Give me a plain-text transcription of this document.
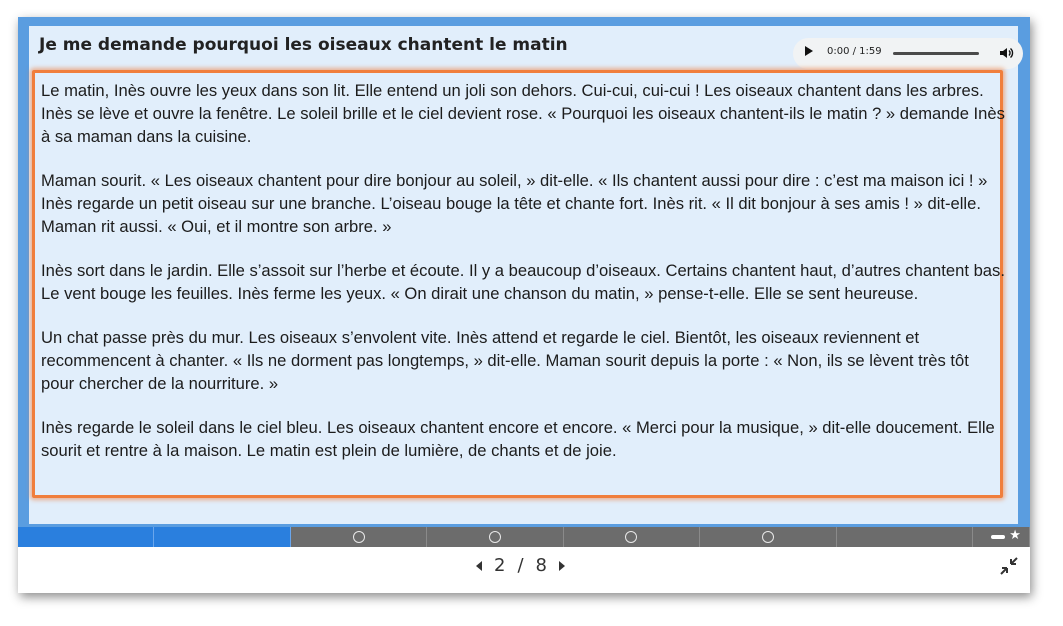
Je me demande pourquoi les oiseaux chantent le matin	0:00 / 1:59

Le matin, Inès ouvre les yeux dans son lit. Elle entend un joli son dehors. Cui-cui, cui-cui ! Les oiseaux chantent dans les arbres. Inès se lève et ouvre la fenêtre. Le soleil brille et le ciel devient rose. « Pourquoi les oiseaux chantent-ils le matin ? » demande Inès à sa maman dans la cuisine.

Maman sourit. « Les oiseaux chantent pour dire bonjour au soleil, » dit-elle. « Ils chantent aussi pour dire : c’est ma maison ici ! » Inès regarde un petit oiseau sur une branche. L’oiseau bouge la tête et chante fort. Inès rit. « Il dit bonjour à ses amis ! » dit-elle. Maman rit aussi. « Oui, et il montre son arbre. »

Inès sort dans le jardin. Elle s’assoit sur l’herbe et écoute. Il y a beaucoup d’oiseaux. Certains chantent haut, d’autres chantent bas. Le vent bouge les feuilles. Inès ferme les yeux. « On dirait une chanson du matin, » pense-t-elle. Elle se sent heureuse.

Un chat passe près du mur. Les oiseaux s’envolent vite. Inès attend et regarde le ciel. Bientôt, les oiseaux reviennent et recommencent à chanter. « Ils ne dorment pas longtemps, » dit-elle. Maman sourit depuis la porte : « Non, ils se lèvent très tôt pour chercher de la nourriture. »

Inès regarde le soleil dans le ciel bleu. Les oiseaux chantent encore et encore. « Merci pour la musique, » dit-elle doucement. Elle sourit et rentre à la maison. Le matin est plein de lumière, de chants et de joie.

★
2 / 8
